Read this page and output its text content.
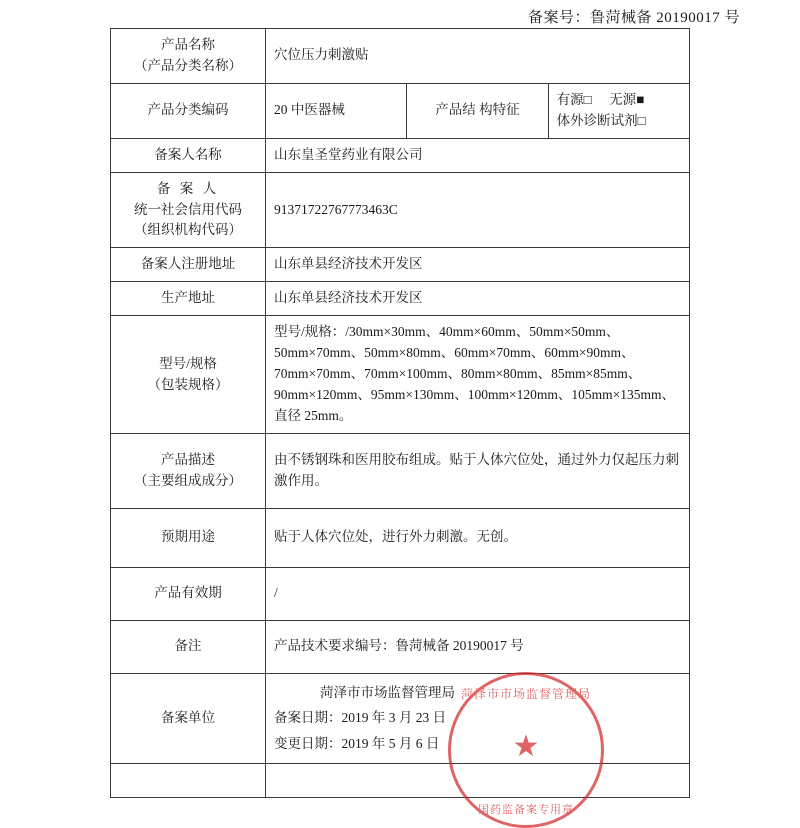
备案号：鲁菏械备 20190017 号
产品名称
（产品分类名称）	穴位压力刺激贴		
产品分类编码	20 中医器械	产品结 构特征	有源□ 无源■ 体外诊断试剂□
备案人名称	山东皇圣堂药业有限公司		

备 案 人
统一社会信用代码
（组织机构代码）	91371722767773463C		
备案人注册地址	山东单县经济技术开发区		
生产地址	山东单县经济技术开发区		

型号/规格
（包装规格）	型号/规格：/30mm×30mm、40mm×60mm、50mm×50mm、
50mm×70mm、50mm×80mm、60mm×70mm、60mm×90mm、
70mm×70mm、70mm×100mm、80mm×80mm、85mm×85mm、
90mm×120mm、95mm×130mm、100mm×120mm、105mm×135mm、
直径 25mm。		

产品描述
（主要组成成分）	由不锈钢珠和医用胶布组成。贴于人体穴位处，通过外力仅起压力刺激作用。		
预期用途	贴于人体穴位处，进行外力刺激。无创。		
产品有效期	/		
备注	产品技术要求编号：鲁菏械备 20190017 号		
备案单位	菏泽市市场监督管理局
备案日期：2019 年 3 月 23 日
变更日期：2019 年 5 月 6 日		

菏泽市市场监督管理局
★
国药监备案专用章
